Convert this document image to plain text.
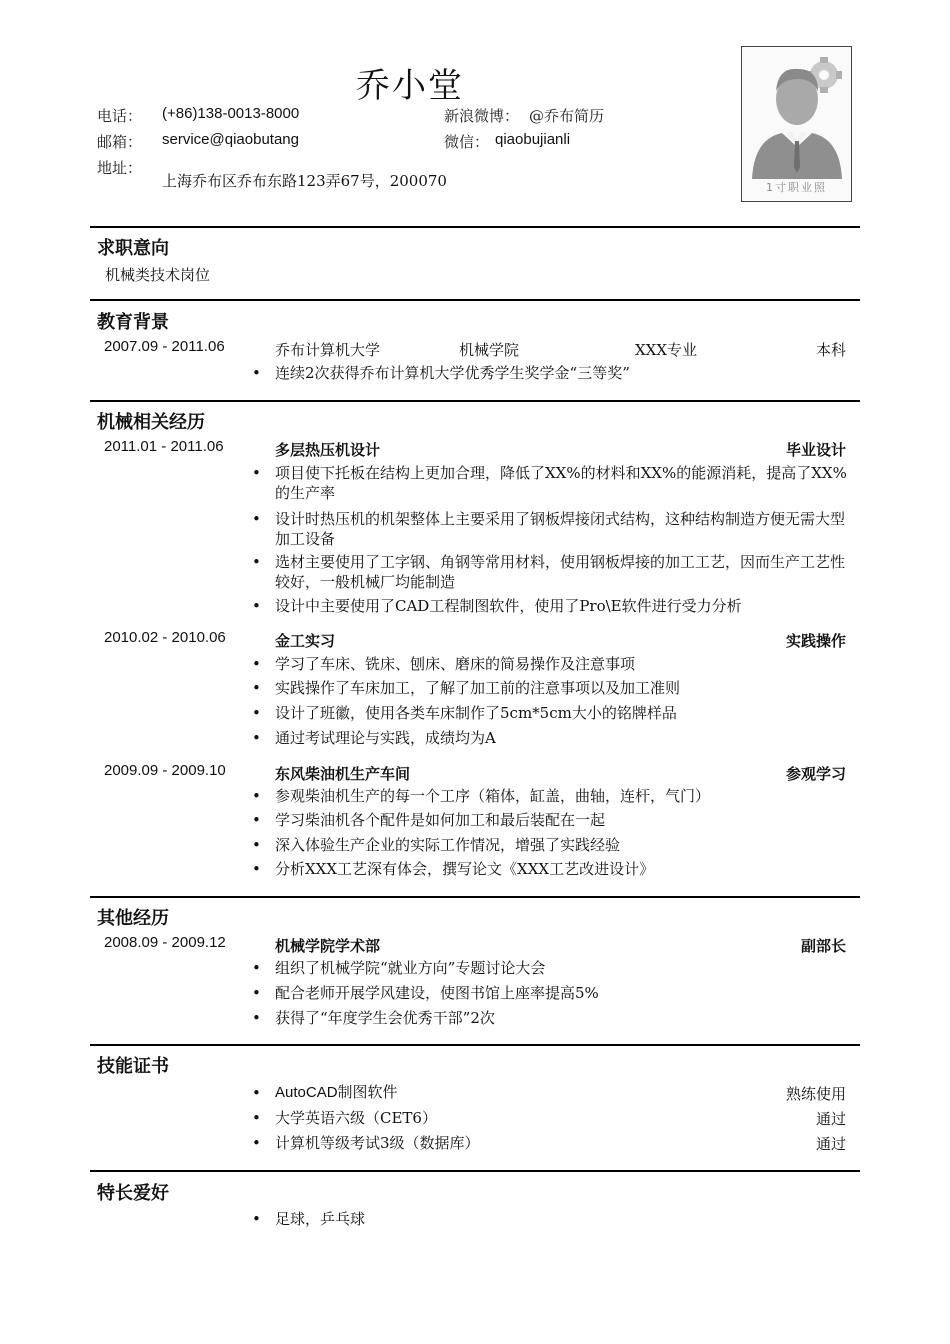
乔小堂
电话： (+86)138-0013-8000	新浪微博： @乔布简历
邮箱： service@qiaobutang	微信： qiaobujianli
地址：
上海乔布区乔布东路123弄67号，200070	1寸职业照
求职意向
机械类技术岗位
教育背景
2007.09 - 2011.06	乔布计算机大学	机械学院	XXX专业	本科
• 连续2次获得乔布计算机大学优秀学生奖学金“三等奖”
机械相关经历
2011.01 - 2011.06	多层热压机设计	毕业设计
• 项目使下托板在结构上更加合理，降低了XX%的材料和XX%的能源消耗，提高了XX%的生产率
• 设计时热压机的机架整体上主要采用了钢板焊接闭式结构，这种结构制造方便无需大型加工设备
• 选材主要使用了工字钢、角钢等常用材料，使用钢板焊接的加工工艺，因而生产工艺性较好，一般机械厂均能制造
• 设计中主要使用了CAD工程制图软件，使用了Pro\E软件进行受力分析
2010.02 - 2010.06	金工实习	实践操作
• 学习了车床、铣床、刨床、磨床的简易操作及注意事项
• 实践操作了车床加工，了解了加工前的注意事项以及加工准则
• 设计了班徽，使用各类车床制作了5cm*5cm大小的铭牌样品
• 通过考试理论与实践，成绩均为A
2009.09 - 2009.10	东风柴油机生产车间	参观学习
• 参观柴油机生产的每一个工序（箱体，缸盖，曲轴，连杆，气门）
• 学习柴油机各个配件是如何加工和最后装配在一起
• 深入体验生产企业的实际工作情况，增强了实践经验
• 分析XXX工艺深有体会，撰写论文《XXX工艺改进设计》
其他经历
2008.09 - 2009.12	机械学院学术部	副部长
• 组织了机械学院“就业方向”专题讨论大会
• 配合老师开展学风建设，使图书馆上座率提高5%
• 获得了“年度学生会优秀干部”2次
技能证书
• AutoCAD制图软件	熟练使用
• 大学英语六级（CET6）	通过
• 计算机等级考试3级（数据库）	通过
特长爱好
• 足球，乒乓球
